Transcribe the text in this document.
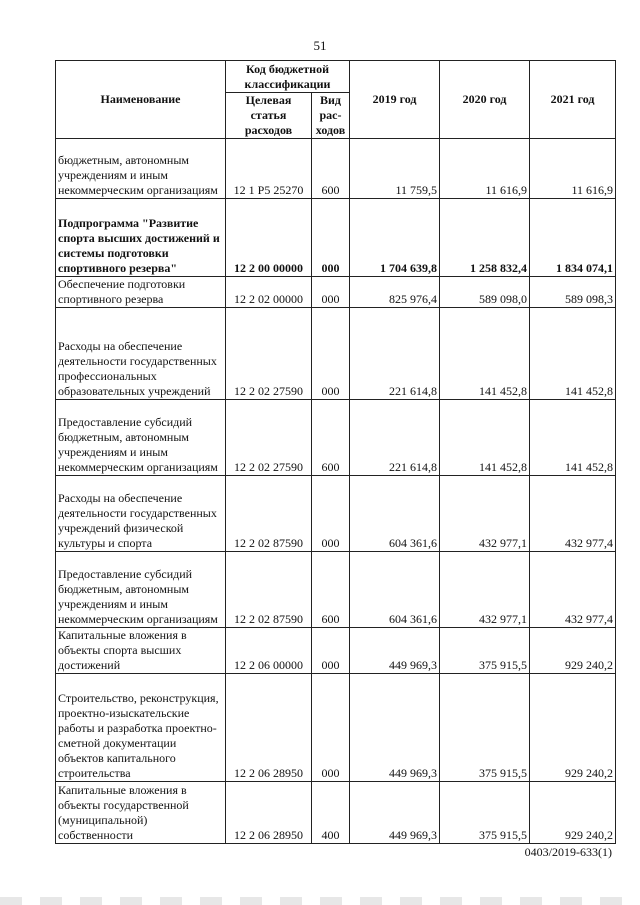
51
Наименование	Код бюджетной классификации		2019 год	2020 год	2021 год
	Целевая статья расходов	Вид рас-ходов			
бюджетным, автономным учреждениям и иным некоммерческим организациям	12 1 P5 25270	600	11 759,5	11 616,9	11 616,9
Подпрограмма "Развитие спорта высших достижений и системы подготовки спортивного резерва"	12 2 00 00000	000	1 704 639,8	1 258 832,4	1 834 074,1
Обеспечение подготовки спортивного резерва	12 2 02 00000	000	825 976,4	589 098,0	589 098,3
Расходы на обеспечение деятельности государственных профессиональных образовательных учреждений	12 2 02 27590	000	221 614,8	141 452,8	141 452,8
Предоставление субсидий бюджетным, автономным учреждениям и иным некоммерческим организациям	12 2 02 27590	600	221 614,8	141 452,8	141 452,8
Расходы на обеспечение деятельности государственных учреждений физической культуры и спорта	12 2 02 87590	000	604 361,6	432 977,1	432 977,4
Предоставление субсидий бюджетным, автономным учреждениям и иным некоммерческим организациям	12 2 02 87590	600	604 361,6	432 977,1	432 977,4
Капитальные вложения в объекты спорта высших достижений	12 2 06 00000	000	449 969,3	375 915,5	929 240,2
Строительство, реконструкция, проектно-изыскательские работы и разработка проектно-сметной документации объектов капитального строительства	12 2 06 28950	000	449 969,3	375 915,5	929 240,2
Капитальные вложения в объекты государственной (муниципальной) собственности	12 2 06 28950	400	449 969,3	375 915,5	929 240,2
0403/2019-633(1)
